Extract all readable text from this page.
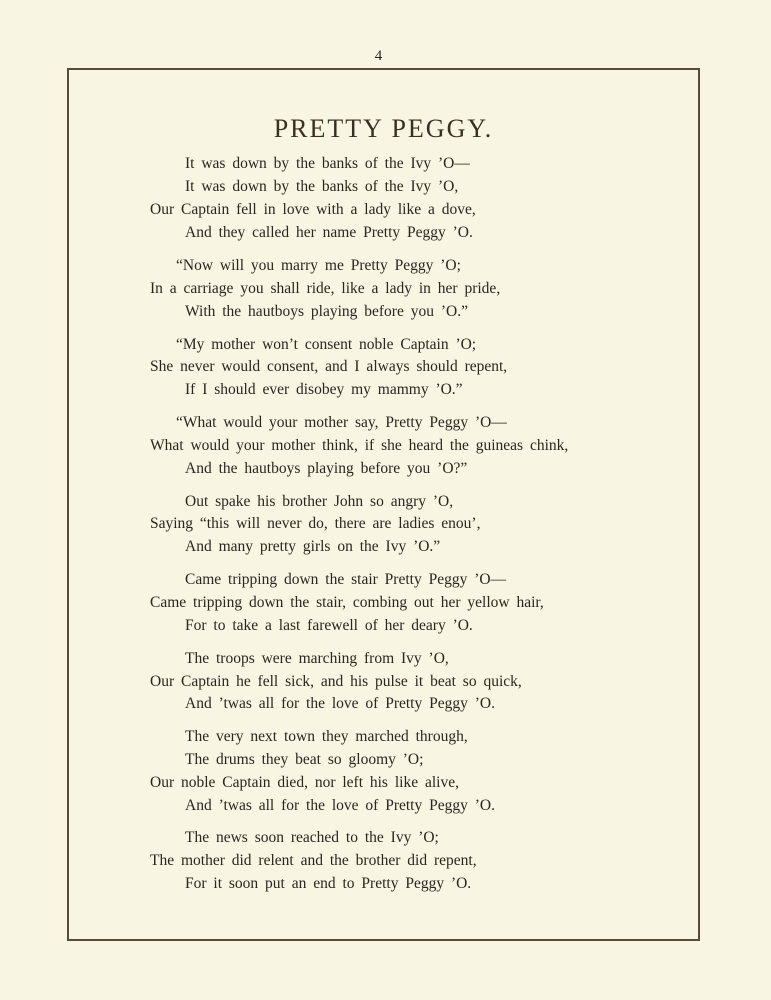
4
PRETTY PEGGY.
It was down by the banks of the Ivy ’O—
It was down by the banks of the Ivy ’O,
Our Captain fell in love with a lady like a dove,
And they called her name Pretty Peggy ’O.
“Now will you marry me Pretty Peggy ’O;
In a carriage you shall ride, like a lady in her pride,
With the hautboys playing before you ’O.”
“My mother won’t consent noble Captain ’O;
She never would consent, and I always should repent,
If I should ever disobey my mammy ’O.”
“What would your mother say, Pretty Peggy ’O—
What would your mother think, if she heard the guineas chink,
And the hautboys playing before you ’O?”
Out spake his brother John so angry ’O,
Saying “this will never do, there are ladies enou’,
And many pretty girls on the Ivy ’O.”
Came tripping down the stair Pretty Peggy ’O—
Came tripping down the stair, combing out her yellow hair,
For to take a last farewell of her deary ’O.
The troops were marching from Ivy ’O,
Our Captain he fell sick, and his pulse it beat so quick,
And ’twas all for the love of Pretty Peggy ’O.
The very next town they marched through,
The drums they beat so gloomy ’O;
Our noble Captain died, nor left his like alive,
And ’twas all for the love of Pretty Peggy ’O.
The news soon reached to the Ivy ’O;
The mother did relent and the brother did repent,
For it soon put an end to Pretty Peggy ’O.
